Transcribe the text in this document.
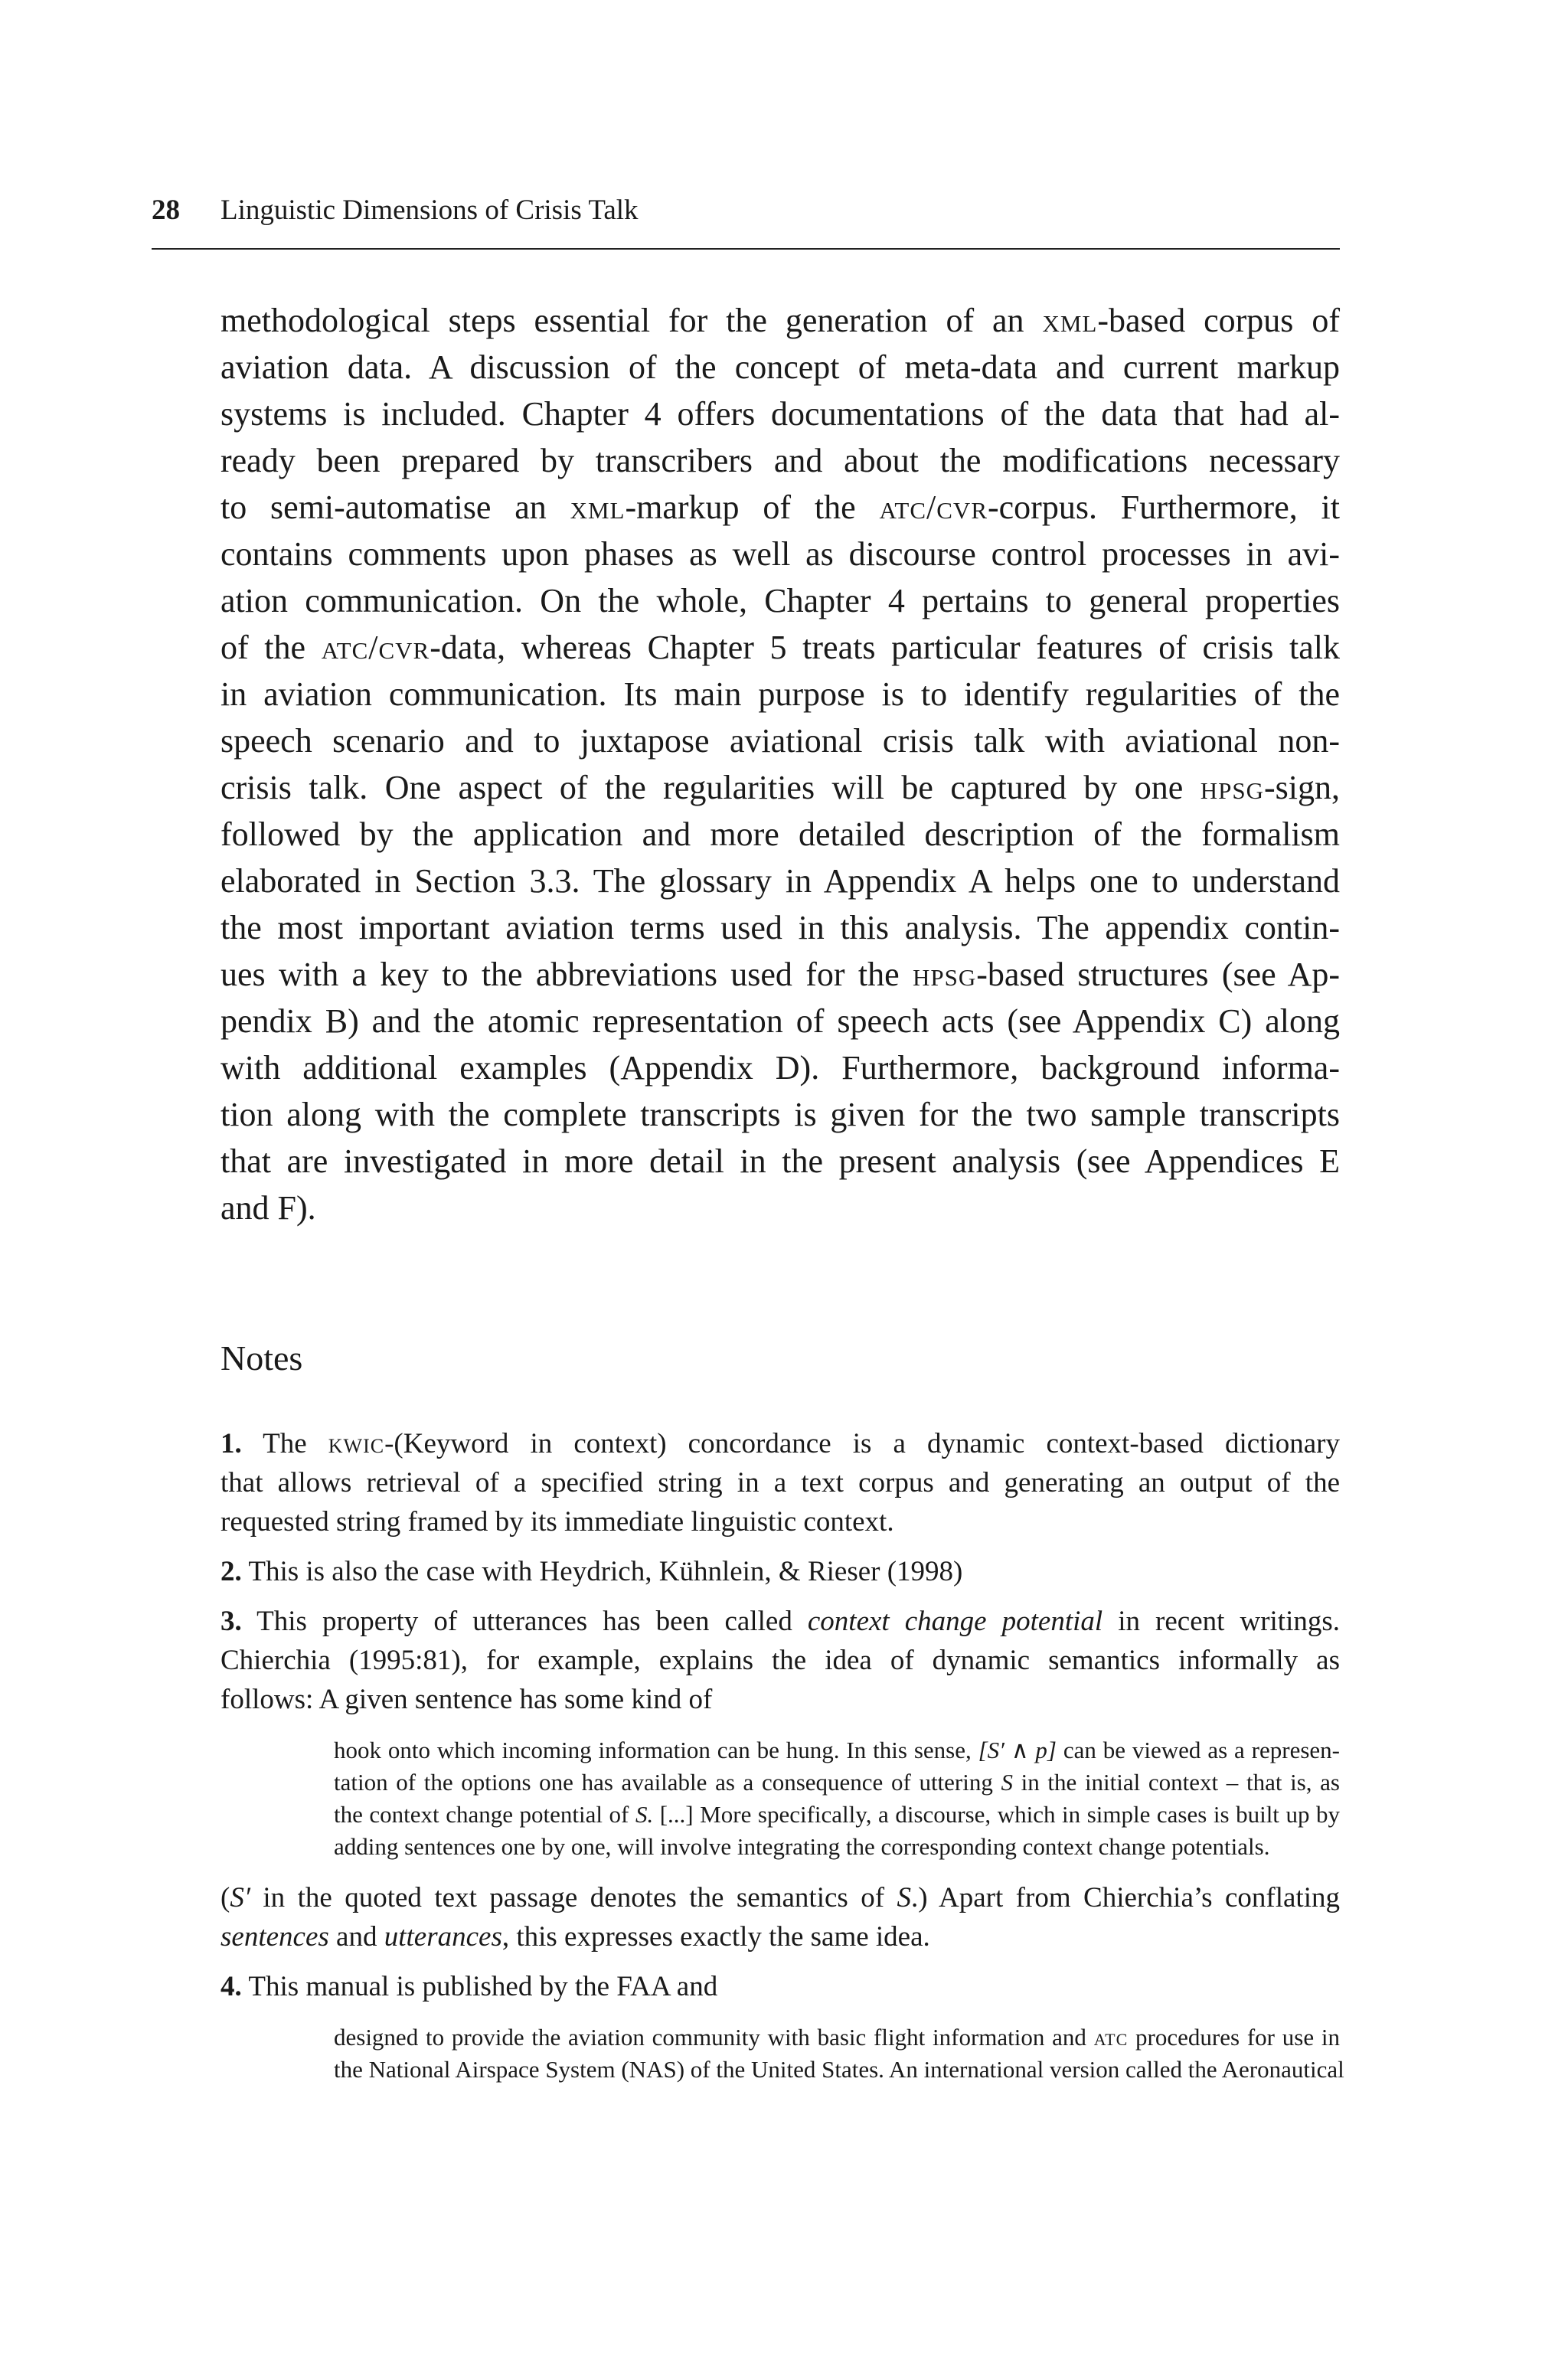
28 Linguistic Dimensions of Crisis Talk
methodological steps essential for the generation of an xml-based corpus of
aviation data. A discussion of the concept of meta-data and current markup
systems is included. Chapter 4 offers documentations of the data that had al-
ready been prepared by transcribers and about the modifications necessary
to semi-automatise an xml-markup of the atc/cvr-corpus. Furthermore, it
contains comments upon phases as well as discourse control processes in avi-
ation communication. On the whole, Chapter 4 pertains to general properties
of the atc/cvr-data, whereas Chapter 5 treats particular features of crisis talk
in aviation communication. Its main purpose is to identify regularities of the
speech scenario and to juxtapose aviational crisis talk with aviational non-
crisis talk. One aspect of the regularities will be captured by one hpsg-sign,
followed by the application and more detailed description of the formalism
elaborated in Section 3.3. The glossary in Appendix A helps one to understand
the most important aviation terms used in this analysis. The appendix contin-
ues with a key to the abbreviations used for the hpsg-based structures (see Ap-
pendix B) and the atomic representation of speech acts (see Appendix C) along
with additional examples (Appendix D). Furthermore, background informa-
tion along with the complete transcripts is given for the two sample transcripts
that are investigated in more detail in the present analysis (see Appendices E
and F).
Notes
1. The kwic-(Keyword in context) concordance is a dynamic context-based dictionary
that allows retrieval of a specified string in a text corpus and generating an output of the
requested string framed by its immediate linguistic context.
2. This is also the case with Heydrich, Kühnlein, & Rieser (1998)
3. This property of utterances has been called context change potential in recent writings.
Chierchia (1995:81), for example, explains the idea of dynamic semantics informally as
follows: A given sentence has some kind of
hook onto which incoming information can be hung. In this sense, [S′ ∧ p] can be viewed as a represen-
tation of the options one has available as a consequence of uttering S in the initial context – that is, as
the context change potential of S. [...] More specifically, a discourse, which in simple cases is built up by
adding sentences one by one, will involve integrating the corresponding context change potentials.
(S′ in the quoted text passage denotes the semantics of S.) Apart from Chierchia’s conflating
sentences and utterances, this expresses exactly the same idea.
4. This manual is published by the FAA and
designed to provide the aviation community with basic flight information and atc procedures for use in
the National Airspace System (NAS) of the United States. An international version called the Aeronautical
